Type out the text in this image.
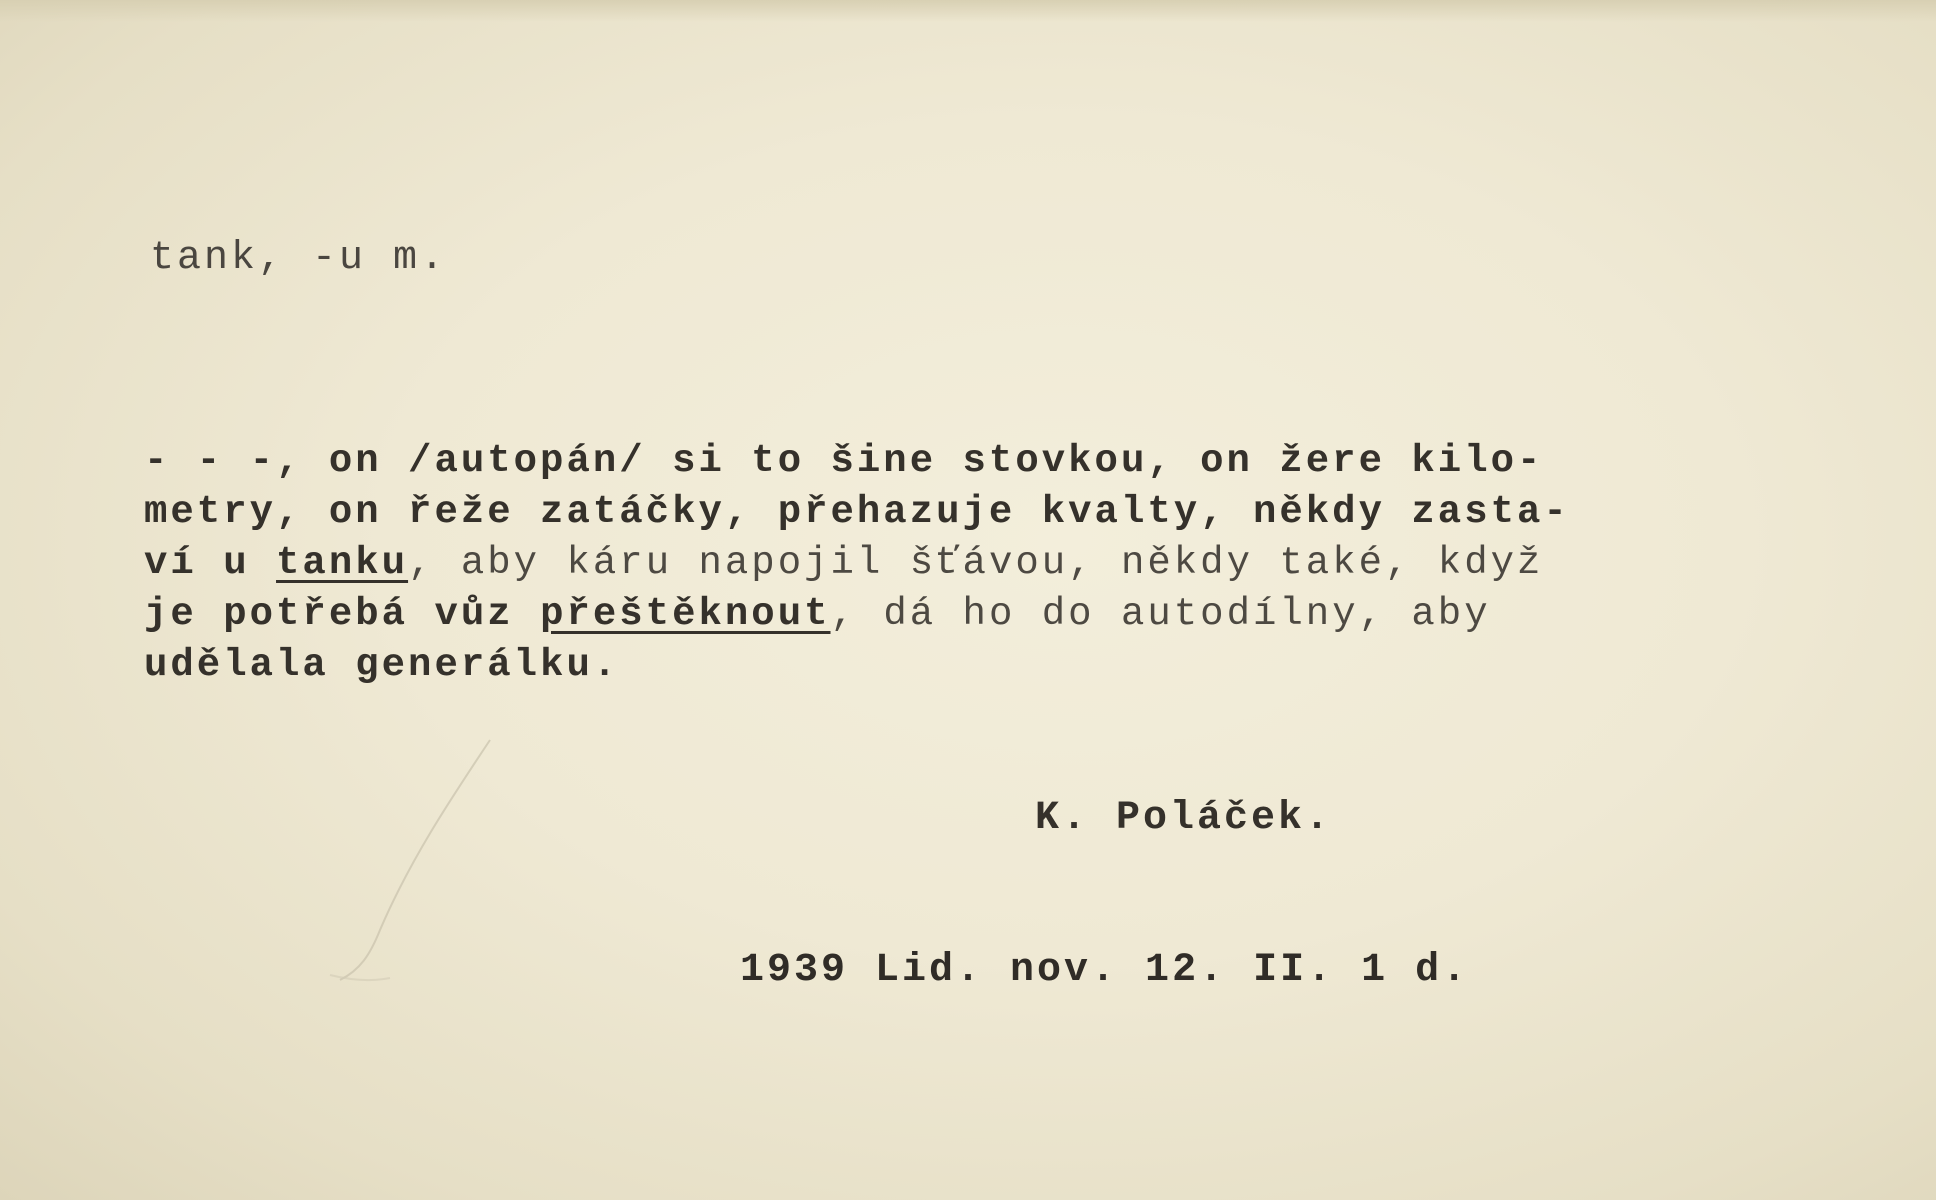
tank, -u m.
- - -, on /autopán/ si to šine stovkou, on žere kilo-
metry, on řeže zatáčky, přehazuje kvalty, někdy zasta-
ví u tanku, aby káru napojil šťávou, někdy také, když
je potřebá vůz přeštěknout, dá ho do autodílny, aby
udělala generálku.
K. Poláček.
1939 Lid. nov. 12. II. 1 d.
